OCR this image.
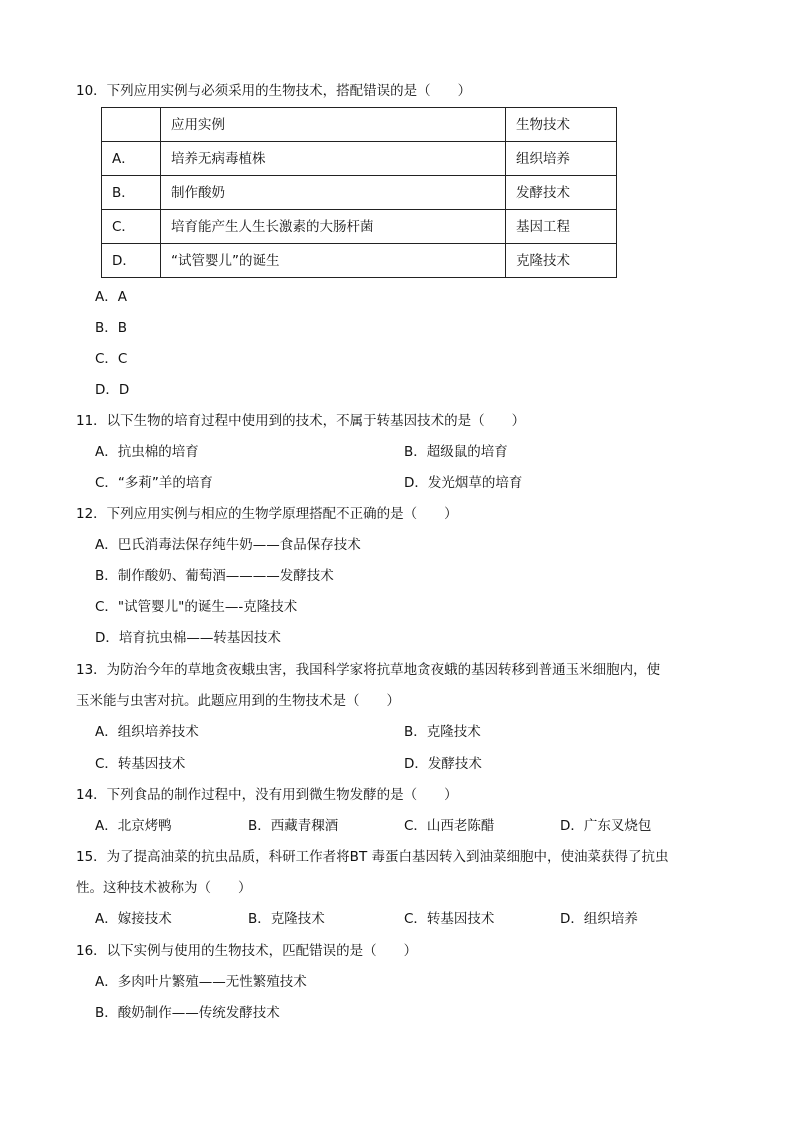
10．下列应用实例与必须采用的生物技术，搭配错误的是（　　）
	应用实例	生物技术
A．	培养无病毒植株	组织培养
B．	制作酸奶	发酵技术
C．	培育能产生人生长激素的大肠杆菌	基因工程
D．	“试管婴儿”的诞生	克隆技术
A．A
B．B
C．C
D．D
11．以下生物的培育过程中使用到的技术，不属于转基因技术的是（　　）
A．抗虫棉的培育	B．超级鼠的培育
C．“多莉”羊的培育	D．发光烟草的培育
12．下列应用实例与相应的生物学原理搭配不正确的是（　　）
A．巴氏消毒法保存纯牛奶——食品保存技术
B．制作酸奶、葡萄酒————发酵技术
C．"试管婴儿"的诞生—-克隆技术
D．培育抗虫棉——转基因技术
13．为防治今年的草地贪夜蛾虫害，我国科学家将抗草地贪夜蛾的基因转移到普通玉米细胞内，使
玉米能与虫害对抗。此题应用到的生物技术是（　　）
A．组织培养技术	B．克隆技术
C．转基因技术	D．发酵技术
14．下列食品的制作过程中，没有用到微生物发酵的是（　　）
A．北京烤鸭	B．西藏青稞酒	C．山西老陈醋	D．广东叉烧包
15．为了提高油菜的抗虫品质，科研工作者将BT 毒蛋白基因转入到油菜细胞中，使油菜获得了抗虫
性。这种技术被称为（　　）
A．嫁接技术	B．克隆技术	C．转基因技术	D．组织培养
16．以下实例与使用的生物技术，匹配错误的是（　　）
A．多肉叶片繁殖——无性繁殖技术
B．酸奶制作——传统发酵技术
